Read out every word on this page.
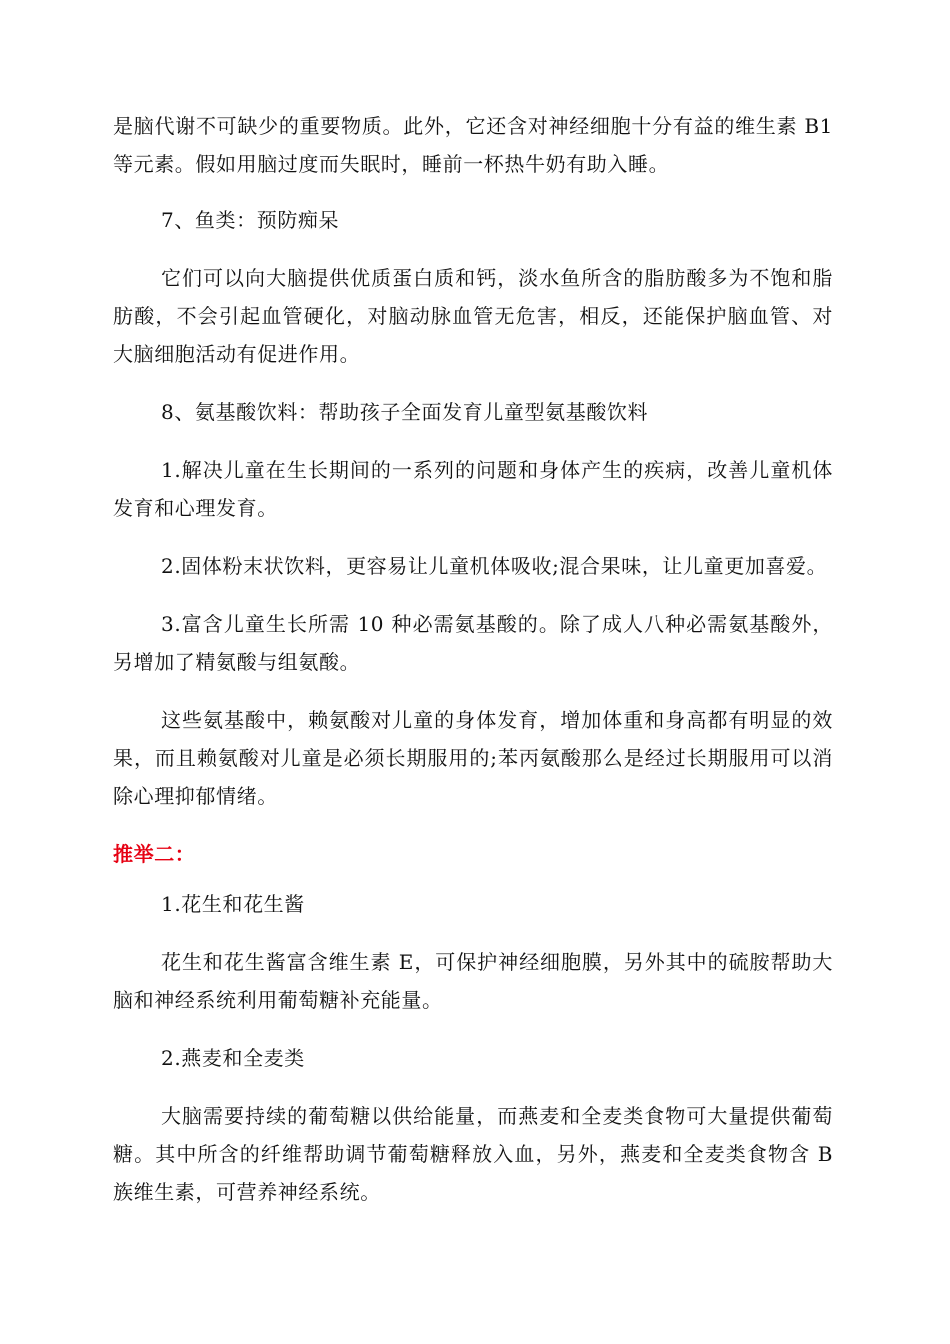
是脑代谢不可缺少的重要物质。此外，它还含对神经细胞十分有益的维生素 B1 等元素。假如用脑过度而失眠时，睡前一杯热牛奶有助入睡。

7、鱼类：预防痴呆

它们可以向大脑提供优质蛋白质和钙，淡水鱼所含的脂肪酸多为不饱和脂肪酸，不会引起血管硬化，对脑动脉血管无危害，相反，还能保护脑血管、对大脑细胞活动有促进作用。

8、氨基酸饮料：帮助孩子全面发育儿童型氨基酸饮料

1.解决儿童在生长期间的一系列的问题和身体产生的疾病，改善儿童机体发育和心理发育。

2.固体粉末状饮料，更容易让儿童机体吸收;混合果味，让儿童更加喜爱。

3.富含儿童生长所需 10 种必需氨基酸的。除了成人八种必需氨基酸外，另增加了精氨酸与组氨酸。

这些氨基酸中，赖氨酸对儿童的身体发育，增加体重和身高都有明显的效果，而且赖氨酸对儿童是必须长期服用的;苯丙氨酸那么是经过长期服用可以消除心理抑郁情绪。

推举二：

1.花生和花生酱

花生和花生酱富含维生素 E，可保护神经细胞膜，另外其中的硫胺帮助大脑和神经系统利用葡萄糖补充能量。

2.燕麦和全麦类

大脑需要持续的葡萄糖以供给能量，而燕麦和全麦类食物可大量提供葡萄糖。其中所含的纤维帮助调节葡萄糖释放入血，另外，燕麦和全麦类食物含 B 族维生素，可营养神经系统。
